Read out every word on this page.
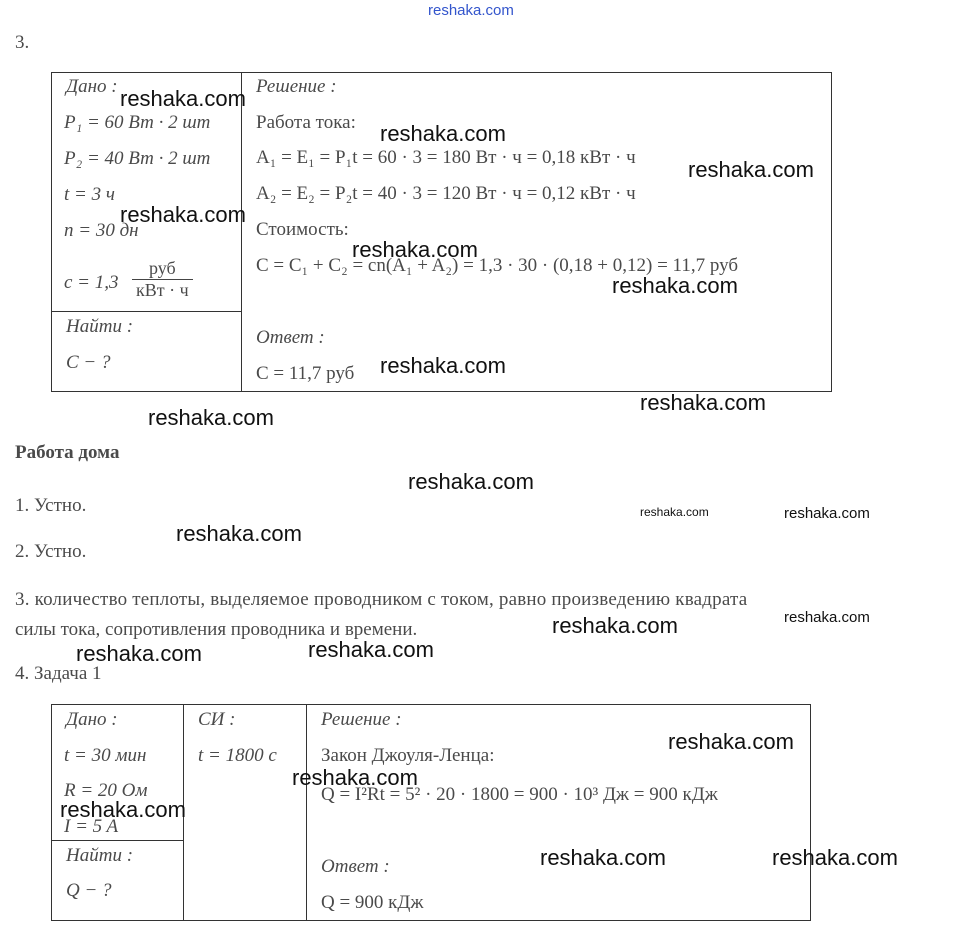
reshaka.com
3.
Дано :
P₁ = 60 Вт · 2 шт
P₂ = 40 Вт · 2 шт
t = 3 ч
n = 30 дн
c = 1,3
руб
кВт · ч
Найти :
C − ?
Решение :
Работа тока:
A₁ = E₁ = P₁t = 60 · 3 = 180 Вт · ч = 0,18 кВт · ч
A₂ = E₂ = P₂t = 40 · 3 = 120 Вт · ч = 0,12 кВт · ч
Стоимость:
C = C₁ + C₂ = cn(A₁ + A₂) = 1,3 · 30 · (0,18 + 0,12) = 11,7 руб
Ответ :
C = 11,7 руб
Работа дома
1. Устно.
2. Устно.
3. количество теплоты, выделяемое проводником с током, равно произведению квадрата
силы тока, сопротивления проводника и времени.
4. Задача 1
Дано :
t = 30 мин
R = 20 Ом
I = 5 A
Найти :
Q − ?
СИ :
t = 1800 с
Решение :
Закон Джоуля-Ленца:
Q = I²Rt = 5² · 20 · 1800 = 900 · 10³ Дж = 900 кДж
Ответ :
Q = 900 кДж
reshaka.com
reshaka.com
reshaka.com
reshaka.com
reshaka.com
reshaka.com
reshaka.com
reshaka.com
reshaka.com
reshaka.com
reshaka.com	reshaka.com
reshaka.com
reshaka.com
reshaka.com
reshaka.com
reshaka.com
reshaka.com
reshaka.com
reshaka.com
reshaka.com	reshaka.com
